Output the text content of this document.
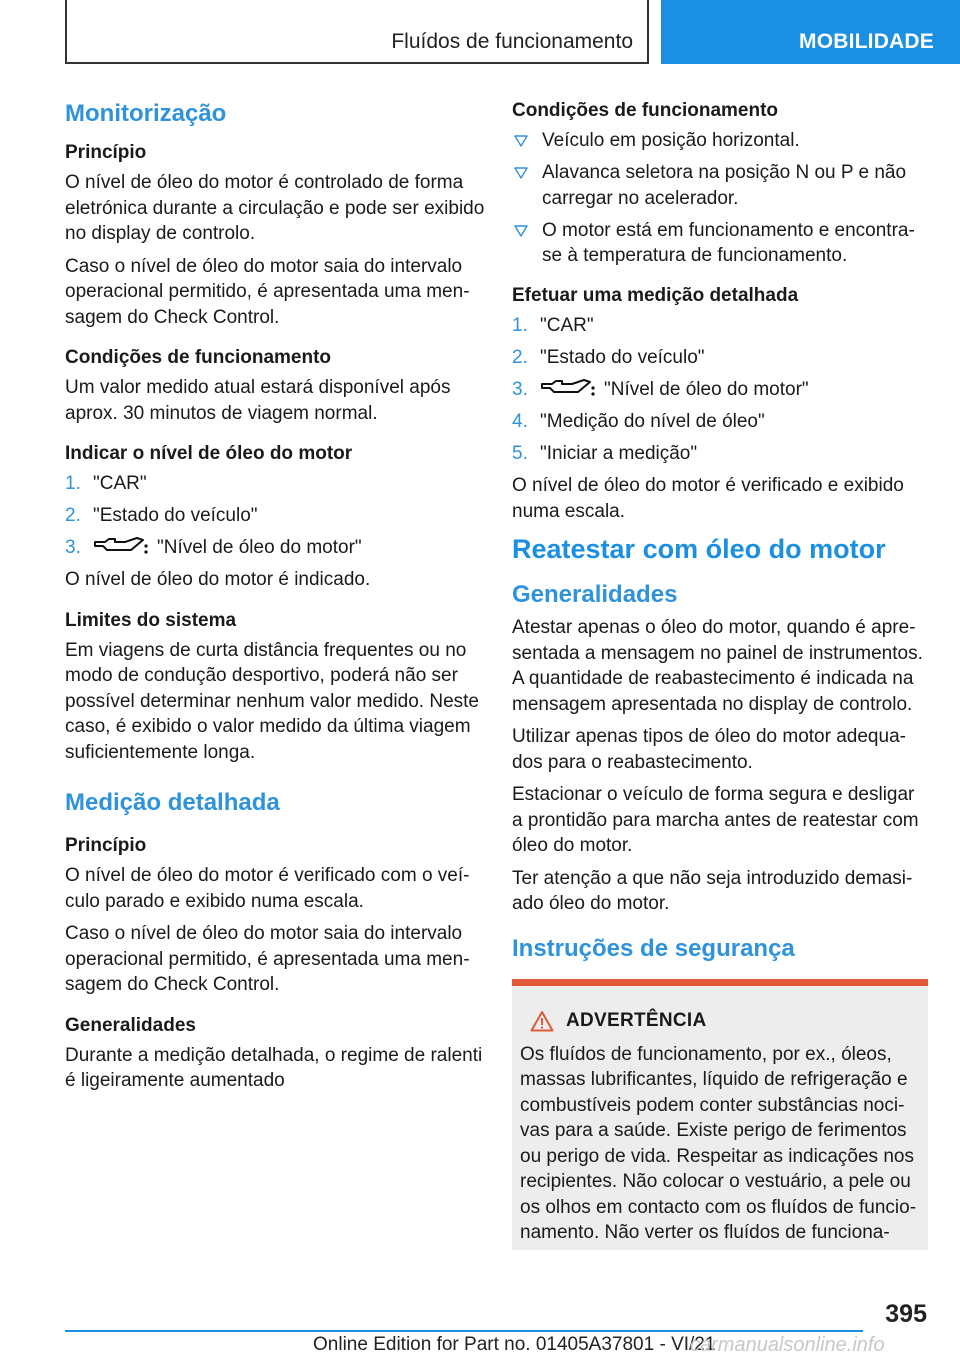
Fluídos de funcionamento	MOBILIDADE
Monitorização
Princípio
O nível de óleo do motor é controlado de forma eletrónica durante a circulação e pode ser exibido no display de controlo.
Caso o nível de óleo do motor saia do intervalo operacional permitido, é apresentada uma mensagem do Check Control.
Condições de funcionamento
Um valor medido atual estará disponível após aprox. 30 minutos de viagem normal.
Indicar o nível de óleo do motor
1. "CAR"
2. "Estado do veículo"
3.	"Nível de óleo do motor"
O nível de óleo do motor é indicado.
Limites do sistema
Em viagens de curta distância frequentes ou no modo de condução desportivo, poderá não ser possível determinar nenhum valor medido. Neste caso, é exibido o valor medido da última viagem suficientemente longa.
Medição detalhada
Princípio
O nível de óleo do motor é verificado com o veículo parado e exibido numa escala.
Caso o nível de óleo do motor saia do intervalo operacional permitido, é apresentada uma mensagem do Check Control.
Generalidades
Durante a medição detalhada, o regime de ralenti é ligeiramente aumentado
Condições de funcionamento
Veículo em posição horizontal.
Alavanca seletora na posição N ou P e não carregar no acelerador.
O motor está em funcionamento e encontra-se à temperatura de funcionamento.
Efetuar uma medição detalhada
1. "CAR"
2. "Estado do veículo"
3.	"Nível de óleo do motor"
4. "Medição do nível de óleo"
5. "Iniciar a medição"
O nível de óleo do motor é verificado e exibido numa escala.
Reatestar com óleo do motor
Generalidades
Atestar apenas o óleo do motor, quando é apresentada a mensagem no painel de instrumentos. A quantidade de reabastecimento é indicada na mensagem apresentada no display de controlo.
Utilizar apenas tipos de óleo do motor adequados para o reabastecimento.
Estacionar o veículo de forma segura e desligar a prontidão para marcha antes de reatestar com óleo do motor.
Ter atenção a que não seja introduzido demasiado óleo do motor.
Instruções de segurança
ADVERTÊNCIA
Os fluídos de funcionamento, por ex., óleos, massas lubrificantes, líquido de refrigeração e combustíveis podem conter substâncias nocivas para a saúde. Existe perigo de ferimentos ou perigo de vida. Respeitar as indicações nos recipientes. Não colocar o vestuário, a pele ou os olhos em contacto com os fluídos de funcionamento. Não verter os fluídos de funciona-
395
Online Edition for Part no. 01405A37801 - VI/21
carmanualsonline.info
